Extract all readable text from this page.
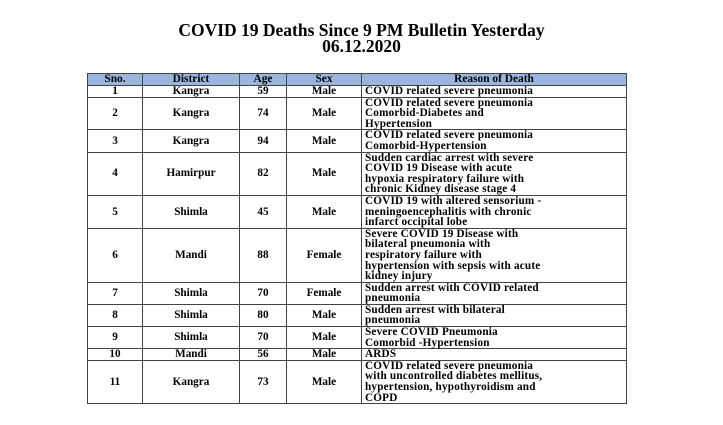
COVID 19 Deaths Since 9 PM Bulletin Yesterday
06.12.2020
Sno.	District	Age	Sex	Reason of Death
1	Kangra	59	Male	COVID related severe pneumonia

2	Kangra	74	Male	COVID related severe pneumonia
Comorbid-Diabetes and
Hypertension

3	Kangra	94	Male	COVID related severe pneumonia
Comorbid-Hypertension

4	Hamirpur	82	Male	Sudden cardiac arrest with severe
COVID 19 Disease with acute
hypoxia respiratory failure with
chronic Kidney disease stage 4

5	Shimla	45	Male	COVID 19 with altered sensorium -
meningoencephalitis with chronic
infarct occipital lobe

6	Mandi	88	Female	Severe COVID 19 Disease with
bilateral pneumonia with
respiratory failure with
hypertension with sepsis with acute
kidney injury

7	Shimla	70	Female	Sudden arrest with COVID related
pneumonia

8	Shimla	80	Male	Sudden arrest with bilateral
pneumonia

9	Shimla	70	Male	Severe COVID Pneumonia
Comorbid -Hypertension

10	Mandi	56	Male	ARDS

11	Kangra	73	Male	COVID related severe pneumonia
with uncontrolled diabetes mellitus,
hypertension, hypothyroidism and
COPD
